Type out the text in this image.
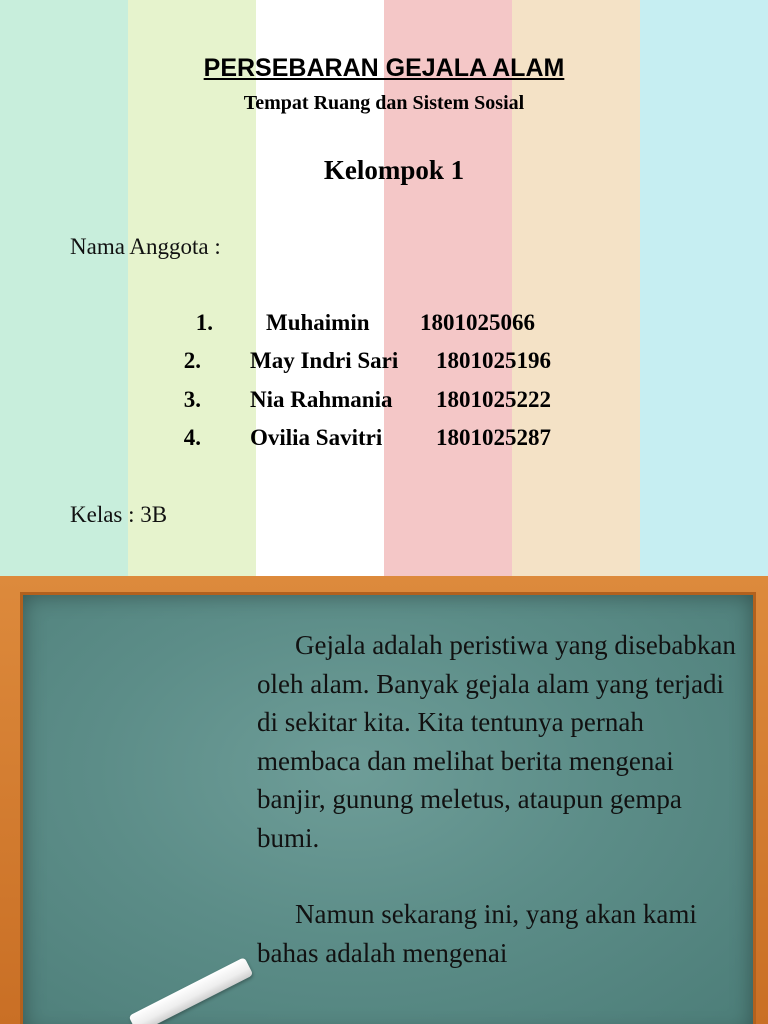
PERSEBARAN GEJALA ALAM
Tempat Ruang dan Sistem Sosial
Kelompok 1
Nama Anggota :
1. Muhaimin 1801025066
2. May Indri Sari 1801025196
3. Nia Rahmania 1801025222
4. Ovilia Savitri 1801025287
Kelas : 3B

Gejala adalah peristiwa yang disebabkan oleh alam. Banyak gejala alam yang terjadi di sekitar kita. Kita tentunya pernah membaca dan melihat berita mengenai banjir, gunung meletus, ataupun gempa bumi.

Namun sekarang ini, yang akan kami bahas adalah mengenai
